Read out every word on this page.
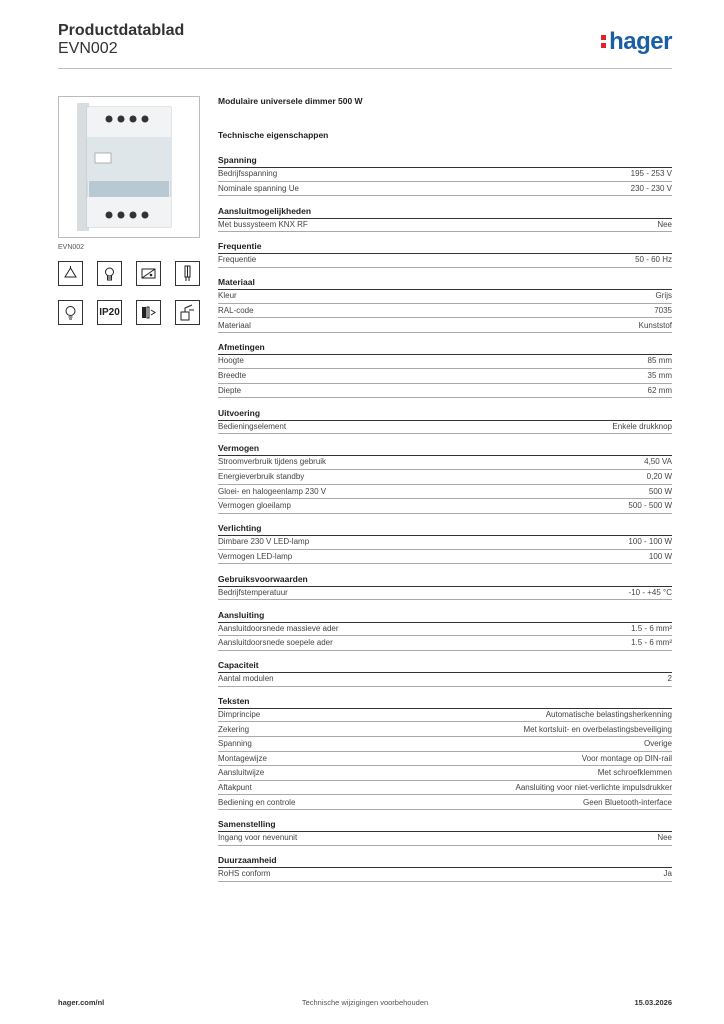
Productdatablad
EVN002	hager
EVN002
IP20
Modulaire universele dimmer 500 W
Technische eigenschappen
Spanning
Bedrijfsspanning	195 - 253 V
Nominale spanning Ue	230 - 230 V
Aansluitmogelijkheden
Met bussysteem KNX RF	Nee
Frequentie
Frequentie	50 - 60 Hz
Materiaal
Kleur	Grijs
RAL-code	7035
Materiaal	Kunststof
Afmetingen
Hoogte	85 mm
Breedte	35 mm
Diepte	62 mm
Uitvoering
Bedieningselement	Enkele drukknop
Vermogen
Stroomverbruik tijdens gebruik	4,50 VA
Energieverbruik standby	0,20 W
Gloei- en halogeenlamp 230 V	500 W
Vermogen gloeilamp	500 - 500 W
Verlichting
Dimbare 230 V LED-lamp	100 - 100 W
Vermogen LED-lamp	100 W
Gebruiksvoorwaarden
Bedrijfstemperatuur	-10 - +45 °C
Aansluiting
Aansluitdoorsnede massieve ader	1.5 - 6 mm²
Aansluitdoorsnede soepele ader	1.5 - 6 mm²
Capaciteit
Aantal modulen	2
Teksten
Dimprincipe	Automatische belastingsherkenning
Zekering	Met kortsluit- en overbelastingsbeveiliging
Spanning	Overige
Montagewijze	Voor montage op DIN-rail
Aansluitwijze	Met schroefklemmen
Aftakpunt	Aansluiting voor niet-verlichte impulsdrukker
Bediening en controle	Geen Bluetooth-interface
Samenstelling
Ingang voor nevenunit	Nee
Duurzaamheid
RoHS conform	Ja
hager.com/nl	Technische wijzigingen voorbehouden	15.03.2026
